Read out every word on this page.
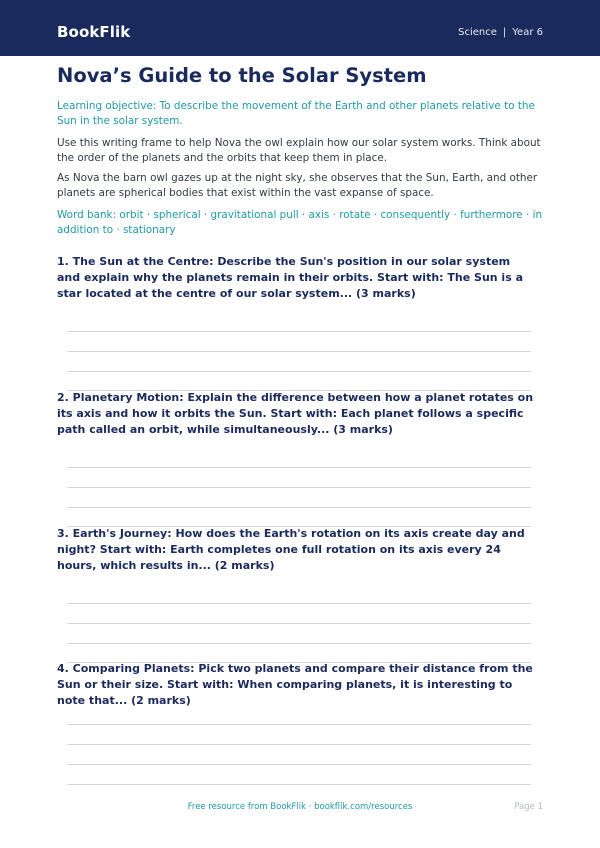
BookFlik	Science | Year 6
Nova’s Guide to the Solar System

Learning objective: To describe the movement of the Earth and other planets relative to the Sun in the solar system.

Use this writing frame to help Nova the owl explain how our solar system works. Think about the order of the planets and the orbits that keep them in place.

As Nova the barn owl gazes up at the night sky, she observes that the Sun, Earth, and other planets are spherical bodies that exist within the vast expanse of space.

Word bank: orbit · spherical · gravitational pull · axis · rotate · consequently · furthermore · in addition to · stationary

1. The Sun at the Centre: Describe the Sun's position in our solar system and explain why the planets remain in their orbits. Start with: The Sun is a star located at the centre of our solar system... (3 marks)

2. Planetary Motion: Explain the difference between how a planet rotates on its axis and how it orbits the Sun. Start with: Each planet follows a specific path called an orbit, while simultaneously... (3 marks)

3. Earth's Journey: How does the Earth's rotation on its axis create day and night? Start with: Earth completes one full rotation on its axis every 24 hours, which results in... (2 marks)

4. Comparing Planets: Pick two planets and compare their distance from the Sun or their size. Start with: When comparing planets, it is interesting to note that... (2 marks)

Free resource from BookFlik · bookflik.com/resources	Page 1
